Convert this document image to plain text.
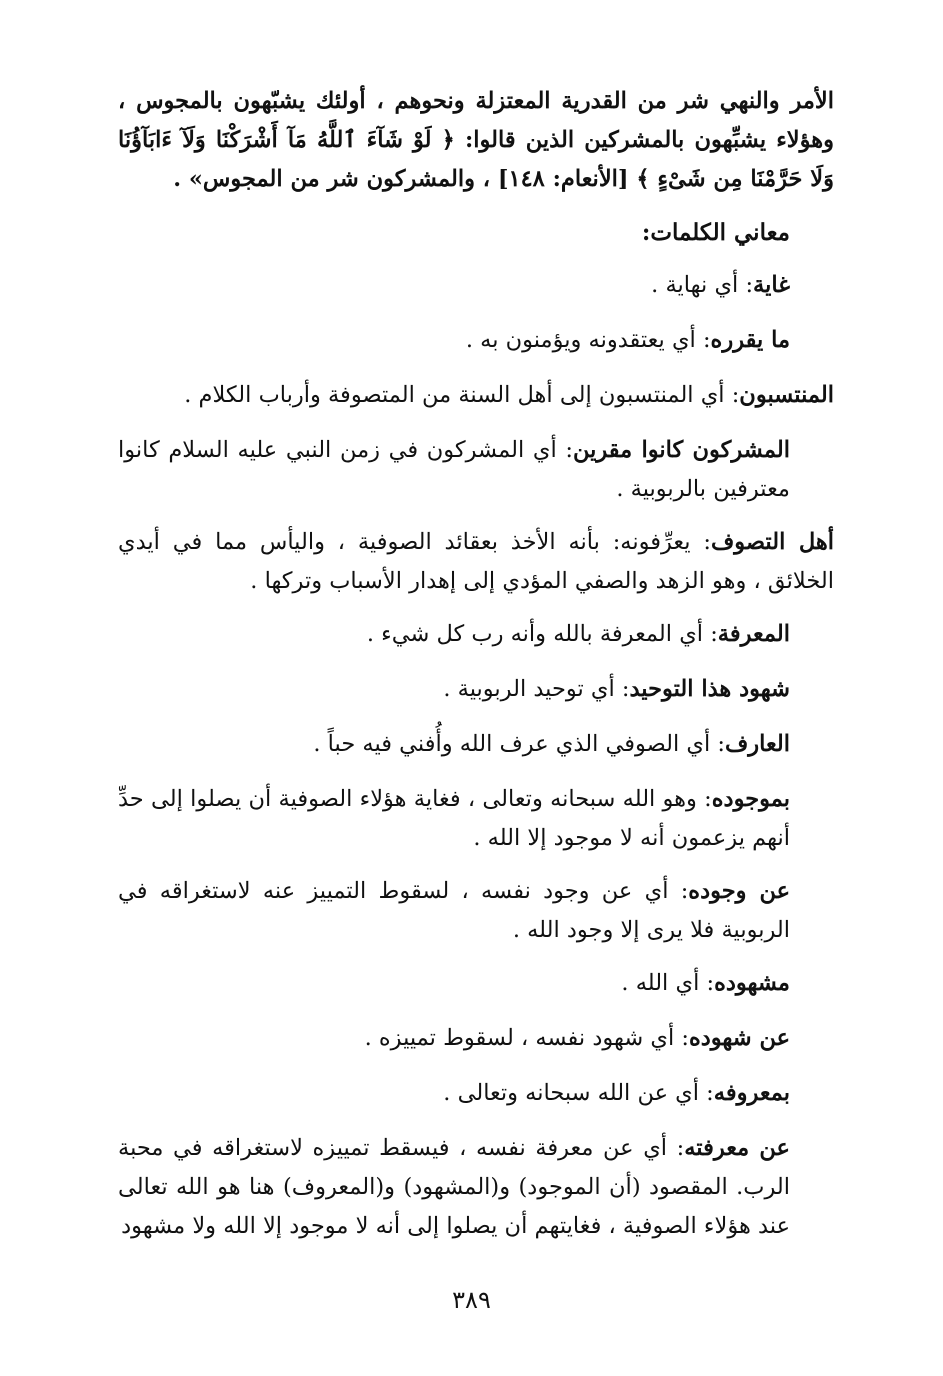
الأمر والنهي شر من القدرية المعتزلة ونحوهم ، أولئك يشبّهون بالمجوس ، وهؤلاء يشبِّهون بالمشركين الذين قالوا: ﴿ لَوْ شَآءَ ٱللَّهُ مَآ أَشْرَكْنَا وَلَآ ءَابَآؤُنَا وَلَا حَرَّمْنَا مِن شَىْءٍ ﴾ [الأنعام: ١٤٨] ، والمشركون شر من المجوس» .

معاني الكلمات:

غاية: أي نهاية .

ما يقرره: أي يعتقدونه ويؤمنون به .

المنتسبون: أي المنتسبون إلى أهل السنة من المتصوفة وأرباب الكلام .

المشركون كانوا مقرين: أي المشركون في زمن النبي عليه السلام كانوا معترفين بالربوبية .

أهل التصوف: يعرِّفونه: بأنه الأخذ بعقائد الصوفية ، واليأس مما في أيدي الخلائق ، وهو الزهد والصفي المؤدي إلى إهدار الأسباب وتركها .

المعرفة: أي المعرفة بالله وأنه رب كل شيء .

شهود هذا التوحيد: أي توحيد الربوبية .

العارف: أي الصوفي الذي عرف الله وأُفني فيه حباً .

بموجوده: وهو الله سبحانه وتعالى ، فغاية هؤلاء الصوفية أن يصلوا إلى حدِّ أنهم يزعمون أنه لا موجود إلا الله .

عن وجوده: أي عن وجود نفسه ، لسقوط التمييز عنه لاستغراقه في الربوبية فلا يرى إلا وجود الله .

مشهوده: أي الله .

عن شهوده: أي شهود نفسه ، لسقوط تمييزه .

بمعروفه: أي عن الله سبحانه وتعالى .

عن معرفته: أي عن معرفة نفسه ، فيسقط تمييزه لاستغراقه في محبة الرب. المقصود (أن الموجود) و(المشهود) و(المعروف) هنا هو الله تعالى عند هؤلاء الصوفية ، فغايتهم أن يصلوا إلى أنه لا موجود إلا الله ولا مشهود

٣٨٩
